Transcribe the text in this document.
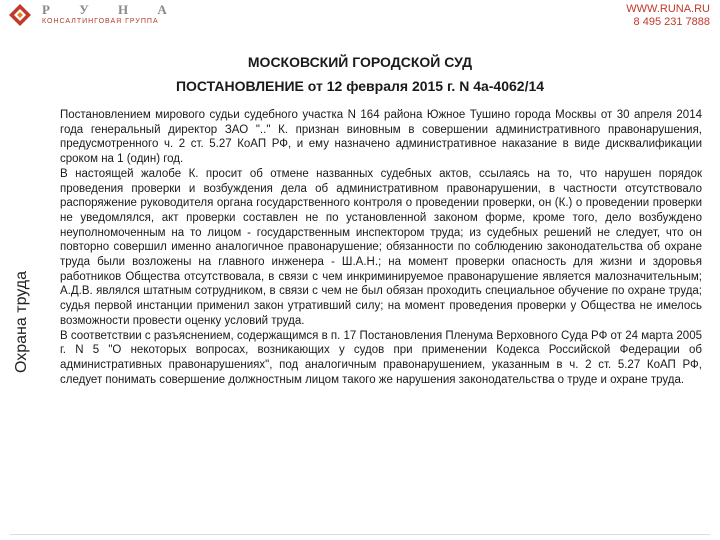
Р У Н А
КОНСАЛТИНГОВАЯ ГРУППА
WWW.RUNA.RU
8 495 231 7888
Охрана труда
МОСКОВСКИЙ ГОРОДСКОЙ СУД
ПОСТАНОВЛЕНИЕ от 12 февраля 2015 г. N 4а-4062/14

Постановлением мирового судьи судебного участка N 164 района Южное Тушино города Москвы от 30 апреля 2014 года генеральный директор ЗАО ".." К. признан виновным в совершении административного правонарушения, предусмотренного ч. 2 ст. 5.27 КоАП РФ, и ему назначено административное наказание в виде дисквалификации сроком на 1 (один) год.

В настоящей жалобе К. просит об отмене названных судебных актов, ссылаясь на то, что нарушен порядок проведения проверки и возбуждения дела об административном правонарушении, в частности отсутствовало распоряжение руководителя органа государственного контроля о проведении проверки, он (К.) о проведении проверки не уведомлялся, акт проверки составлен не по установленной законом форме, кроме того, дело возбуждено неуполномоченным на то лицом - государственным инспектором труда; из судебных решений не следует, что он повторно совершил именно аналогичное правонарушение; обязанности по соблюдению законодательства об охране труда были возложены на главного инженера - Ш.А.Н.; на момент проверки опасность для жизни и здоровья работников Общества отсутствовала, в связи с чем инкриминируемое правонарушение является малозначительным; А.Д.В. являлся штатным сотрудником, в связи с чем не был обязан проходить специальное обучение по охране труда; судья первой инстанции применил закон утративший силу; на момент проведения проверки у Общества не имелось возможности провести оценку условий труда.

В соответствии с разъяснением, содержащимся в п. 17 Постановления Пленума Верховного Суда РФ от 24 марта 2005 г. N 5 "О некоторых вопросах, возникающих у судов при применении Кодекса Российской Федерации об административных правонарушениях", под аналогичным правонарушением, указанным в ч. 2 ст. 5.27 КоАП РФ, следует понимать совершение должностным лицом такого же нарушения законодательства о труде и охране труда.
